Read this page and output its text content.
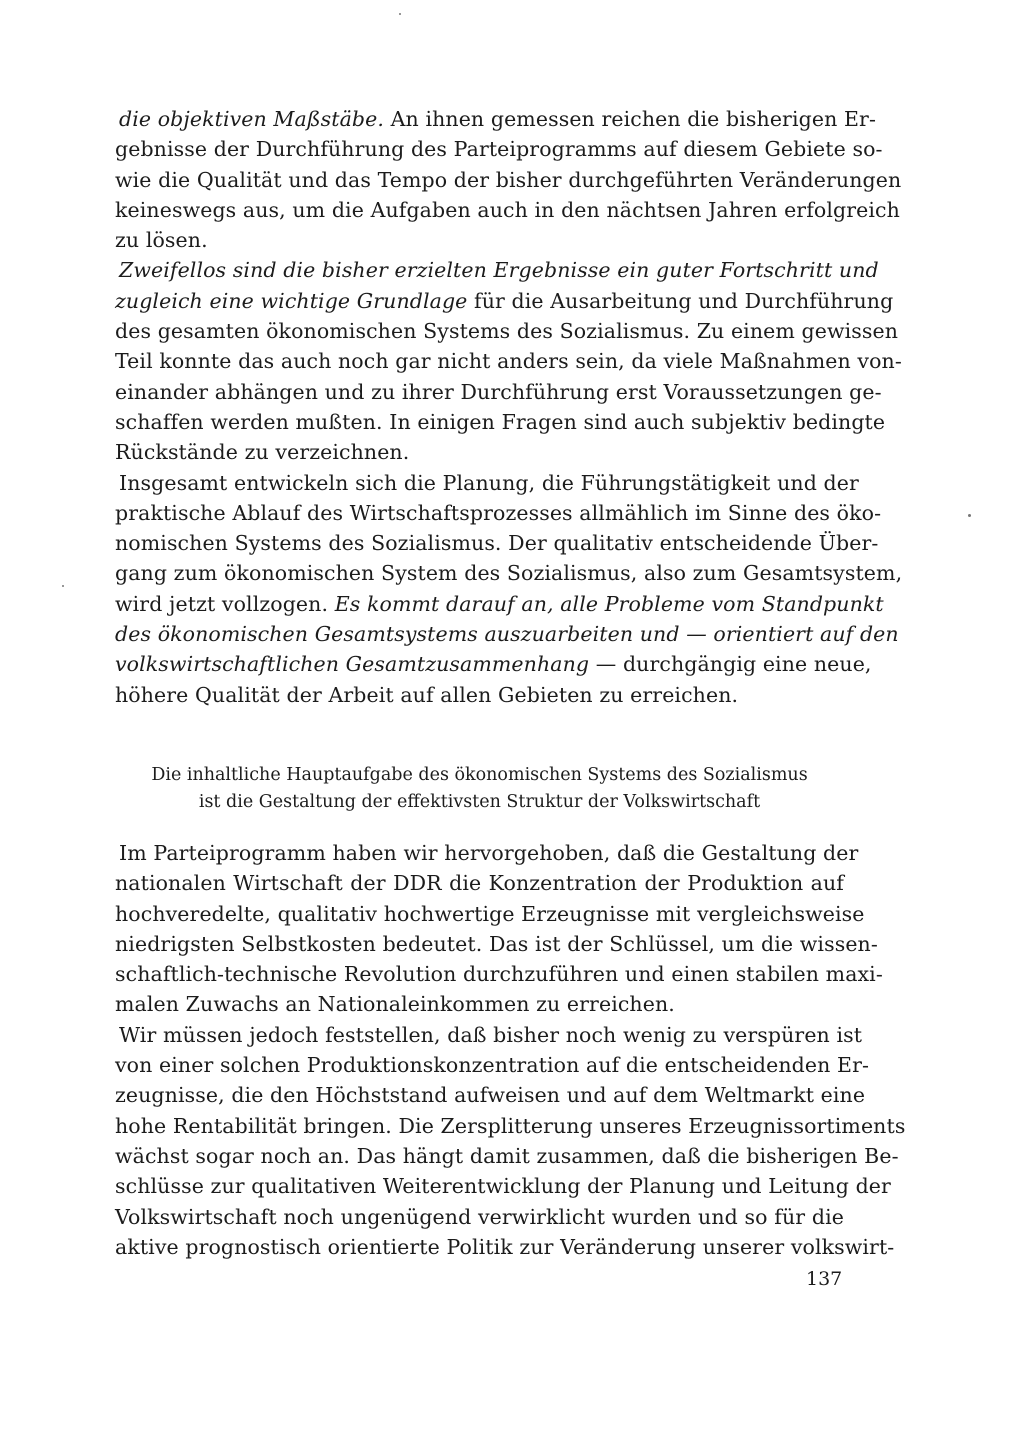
die objektiven Maßstäbe. An ihnen gemessen reichen die bisherigen Er-
gebnisse der Durchführung des Parteiprogramms auf diesem Gebiete so-
wie die Qualität und das Tempo der bisher durchgeführten Veränderungen
keineswegs aus, um die Aufgaben auch in den nächtsen Jahren erfolgreich
zu lösen.
Zweifellos sind die bisher erzielten Ergebnisse ein guter Fortschritt und
zugleich eine wichtige Grundlage für die Ausarbeitung und Durchführung
des gesamten ökonomischen Systems des Sozialismus. Zu einem gewissen
Teil konnte das auch noch gar nicht anders sein, da viele Maßnahmen von-
einander abhängen und zu ihrer Durchführung erst Voraussetzungen ge-
schaffen werden mußten. In einigen Fragen sind auch subjektiv bedingte
Rückstände zu verzeichnen.
Insgesamt entwickeln sich die Planung, die Führungstätigkeit und der
praktische Ablauf des Wirtschaftsprozesses allmählich im Sinne des öko-
nomischen Systems des Sozialismus. Der qualitativ entscheidende Über-
gang zum ökonomischen System des Sozialismus, also zum Gesamtsystem,
wird jetzt vollzogen. Es kommt darauf an, alle Probleme vom Standpunkt
des ökonomischen Gesamtsystems auszuarbeiten und — orientiert auf den
volkswirtschaftlichen Gesamtzusammenhang — durchgängig eine neue,
höhere Qualität der Arbeit auf allen Gebieten zu erreichen.
Die inhaltliche Hauptaufgabe des ökonomischen Systems des Sozialismus
ist die Gestaltung der effektivsten Struktur der Volkswirtschaft
Im Parteiprogramm haben wir hervorgehoben, daß die Gestaltung der
nationalen Wirtschaft der DDR die Konzentration der Produktion auf
hochveredelte, qualitativ hochwertige Erzeugnisse mit vergleichsweise
niedrigsten Selbstkosten bedeutet. Das ist der Schlüssel, um die wissen-
schaftlich-technische Revolution durchzuführen und einen stabilen maxi-
malen Zuwachs an Nationaleinkommen zu erreichen.
Wir müssen jedoch feststellen, daß bisher noch wenig zu verspüren ist
von einer solchen Produktionskonzentration auf die entscheidenden Er-
zeugnisse, die den Höchststand aufweisen und auf dem Weltmarkt eine
hohe Rentabilität bringen. Die Zersplitterung unseres Erzeugnissortiments
wächst sogar noch an. Das hängt damit zusammen, daß die bisherigen Be-
schlüsse zur qualitativen Weiterentwicklung der Planung und Leitung der
Volkswirtschaft noch ungenügend verwirklicht wurden und so für die
aktive prognostisch orientierte Politik zur Veränderung unserer volkswirt-
137
